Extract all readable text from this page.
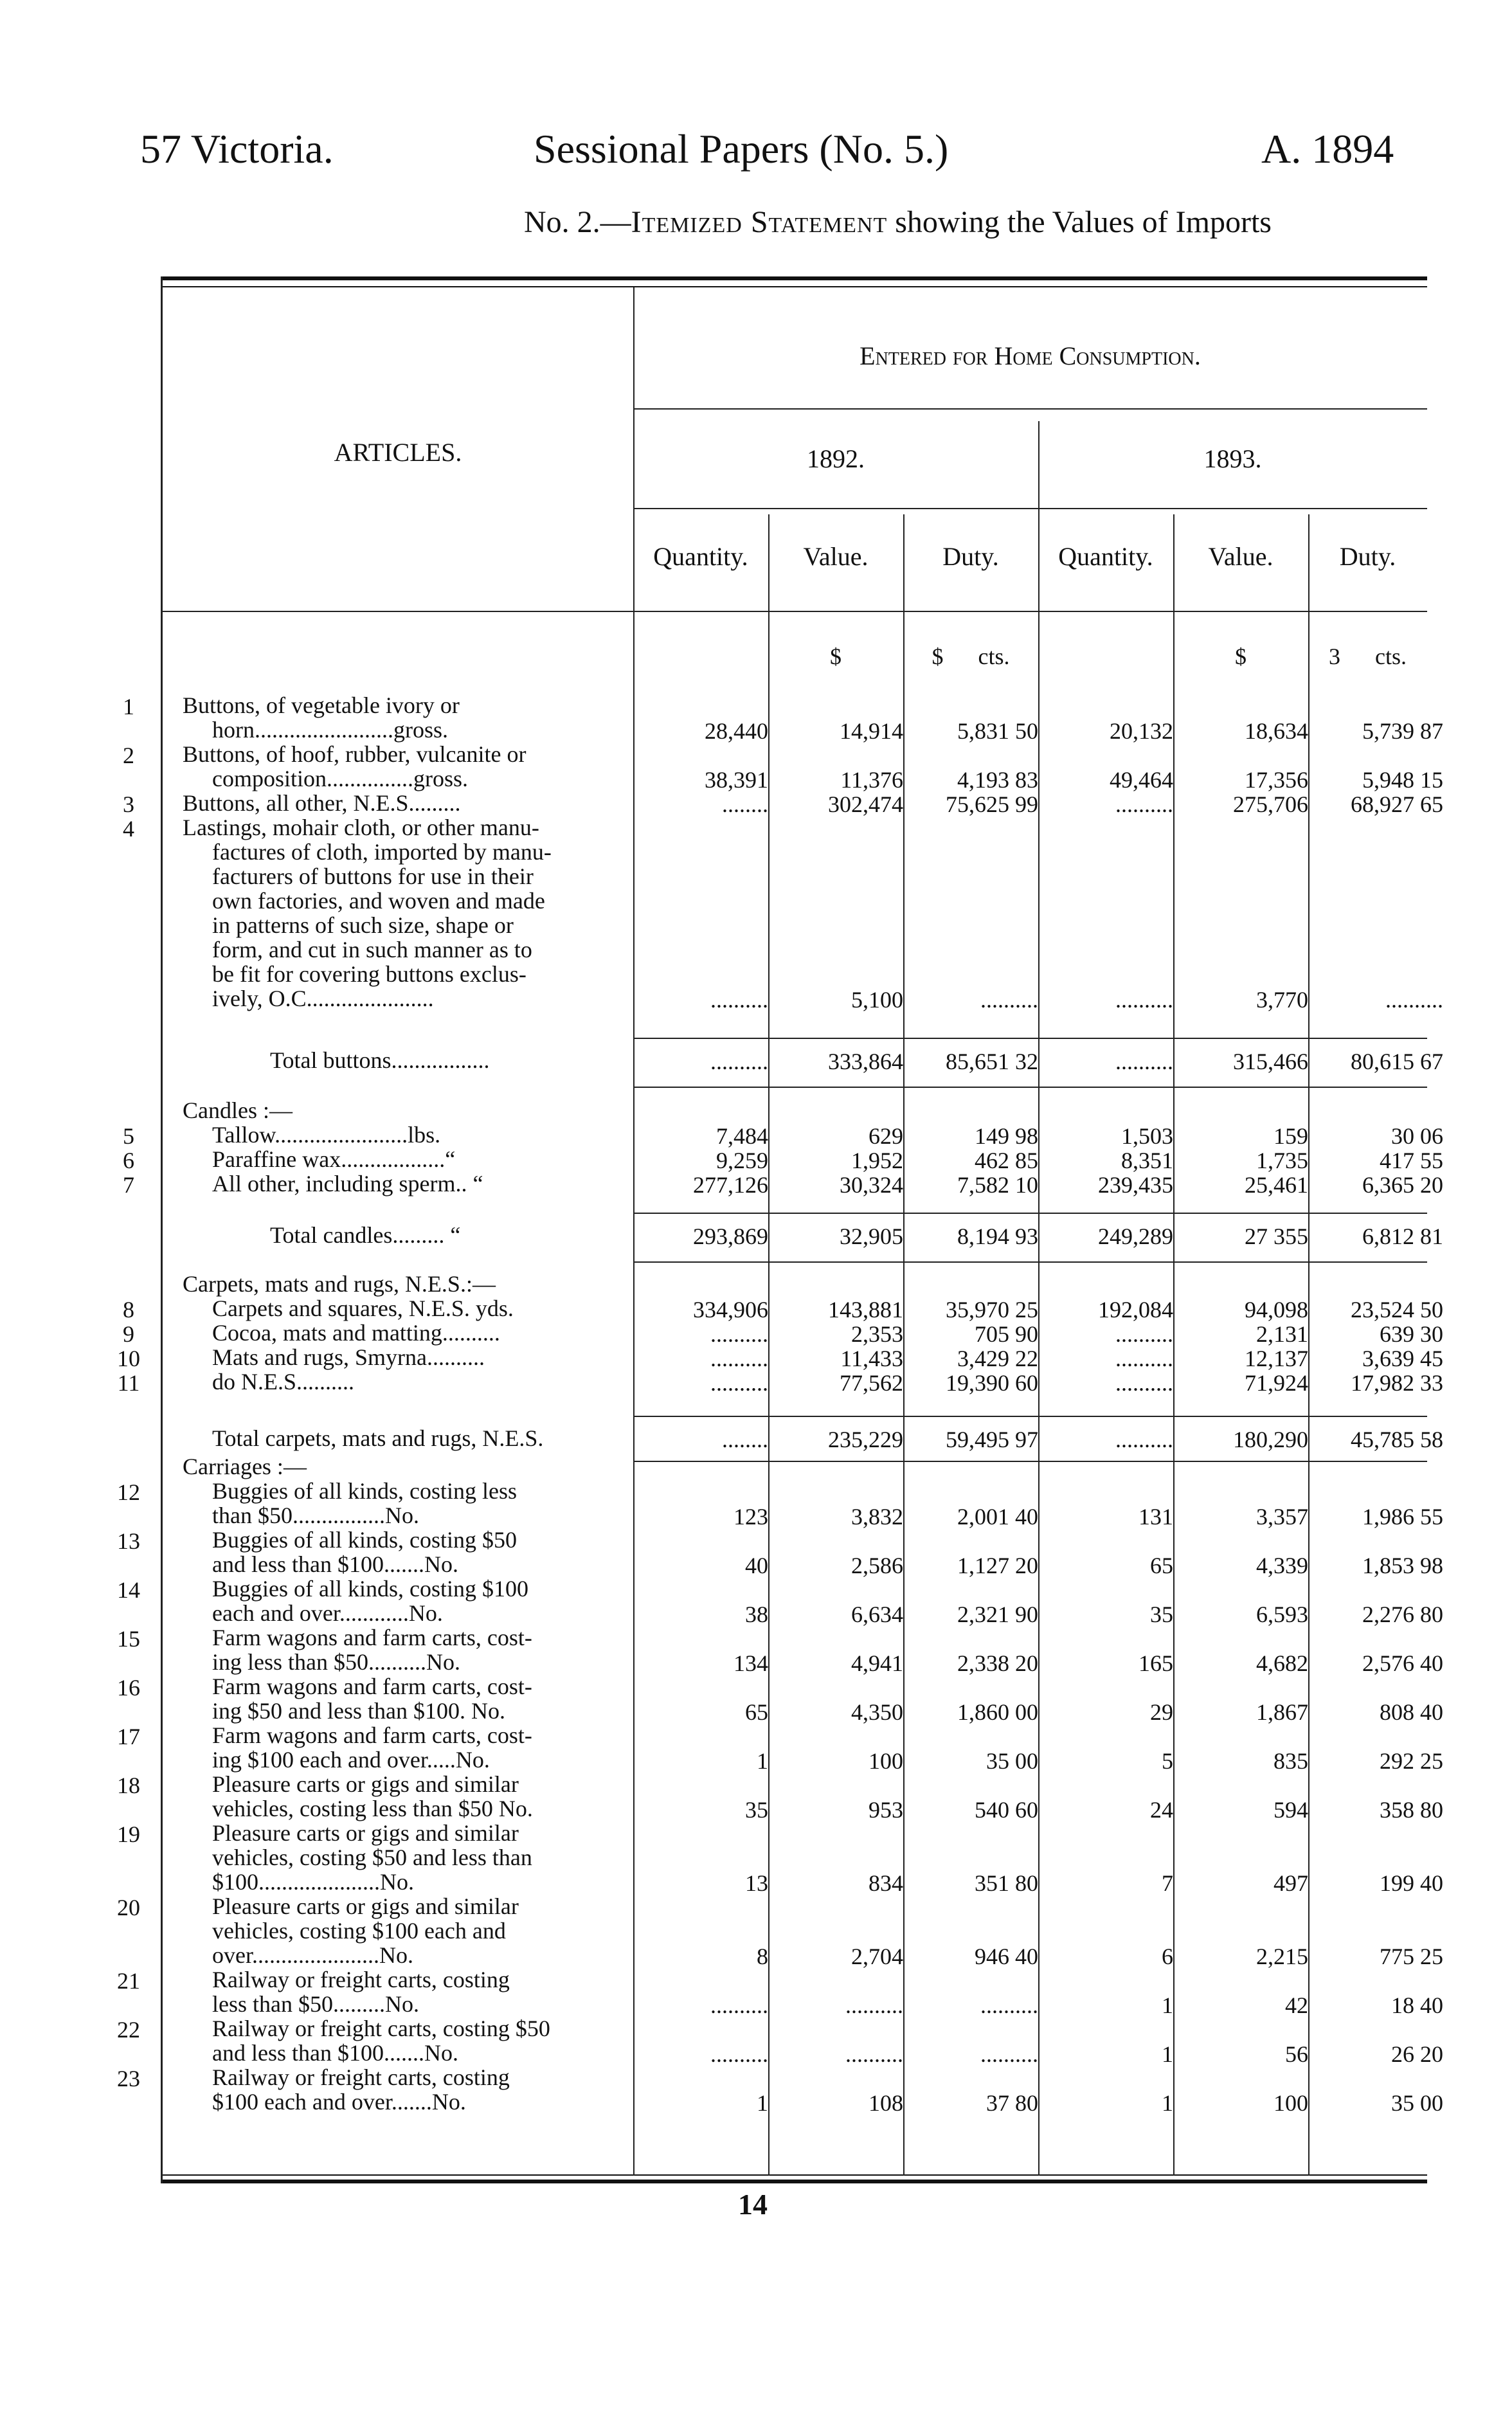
57 Victoria.	Sessional Papers (No. 5.)	A. 1894
No. 2.—Itemized Statement showing the Values of Imports
ARTICLES.
Entered for Home Consumption.
1892.	1893.
Quantity.	Value.	Duty.	Quantity.	Value.	Duty.
$	$      cts.	$	3      cts.
1	Buttons, of vegetable ivory or
horn........................gross.	28,440	14,914	5,831 50	20,132	18,634	5,739 87
2	Buttons, of hoof, rubber, vulcanite or
composition...............gross.	38,391	11,376	4,193 83	49,464	17,356	5,948 15
3	Buttons, all other, N.E.S.........	........	302,474	75,625 99	..........	275,706	68,927 65
4	Lastings, mohair cloth, or other manu-
factures of cloth, imported by manu-
facturers of buttons for use in their
own factories, and woven and made
in patterns of such size, shape or
form, and cut in such manner as to
be fit for covering buttons exclus-
ively, O.C......................	..........	5,100	..........	..........	3,770	..........
Total buttons.................	..........	333,864	85,651 32	..........	315,466	80,615 67
Candles :—
5	Tallow.......................lbs.	7,484	629	149 98	1,503	159	30 06
6	Paraffine wax..................“	9,259	1,952	462 85	8,351	1,735	417 55
7	All other, including sperm.. “	277,126	30,324	7,582 10	239,435	25,461	6,365 20
Total candles......... “	293,869	32,905	8,194 93	249,289	27 355	6,812 81
Carpets, mats and rugs, N.E.S.:—
8	Carpets and squares, N.E.S. yds.	334,906	143,881	35,970 25	192,084	94,098	23,524 50
9	Cocoa, mats and matting..........	..........	2,353	705 90	..........	2,131	639 30
10	Mats and rugs, Smyrna..........	..........	11,433	3,429 22	..........	12,137	3,639 45
11	do N.E.S..........	..........	77,562	19,390 60	..........	71,924	17,982 33
Total carpets, mats and rugs, N.E.S.	........	235,229	59,495 97	..........	180,290	45,785 58
Carriages :—
12	Buggies of all kinds, costing less
than $50................No.	123	3,832	2,001 40	131	3,357	1,986 55
13	Buggies of all kinds, costing $50
and less than $100.......No.	40	2,586	1,127 20	65	4,339	1,853 98
14	Buggies of all kinds, costing $100
each and over............No.	38	6,634	2,321 90	35	6,593	2,276 80
15	Farm wagons and farm carts, cost-
ing less than $50..........No.	134	4,941	2,338 20	165	4,682	2,576 40
16	Farm wagons and farm carts, cost-
ing $50 and less than $100. No.	65	4,350	1,860 00	29	1,867	808 40
17	Farm wagons and farm carts, cost-
ing $100 each and over.....No.	1	100	35 00	5	835	292 25
18	Pleasure carts or gigs and similar
vehicles, costing less than $50 No.	35	953	540 60	24	594	358 80
19	Pleasure carts or gigs and similar
vehicles, costing $50 and less than
$100.....................No.	13	834	351 80	7	497	199 40
20	Pleasure carts or gigs and similar
vehicles, costing $100 each and
over......................No.	8	2,704	946 40	6	2,215	775 25
21	Railway or freight carts, costing
less than $50.........No.	..........	..........	..........	1	42	18 40
22	Railway or freight carts, costing $50
and less than $100.......No.	..........	..........	..........	1	56	26 20
23	Railway or freight carts, costing
$100 each and over.......No.	1	108	37 80	1	100	35 00
14
